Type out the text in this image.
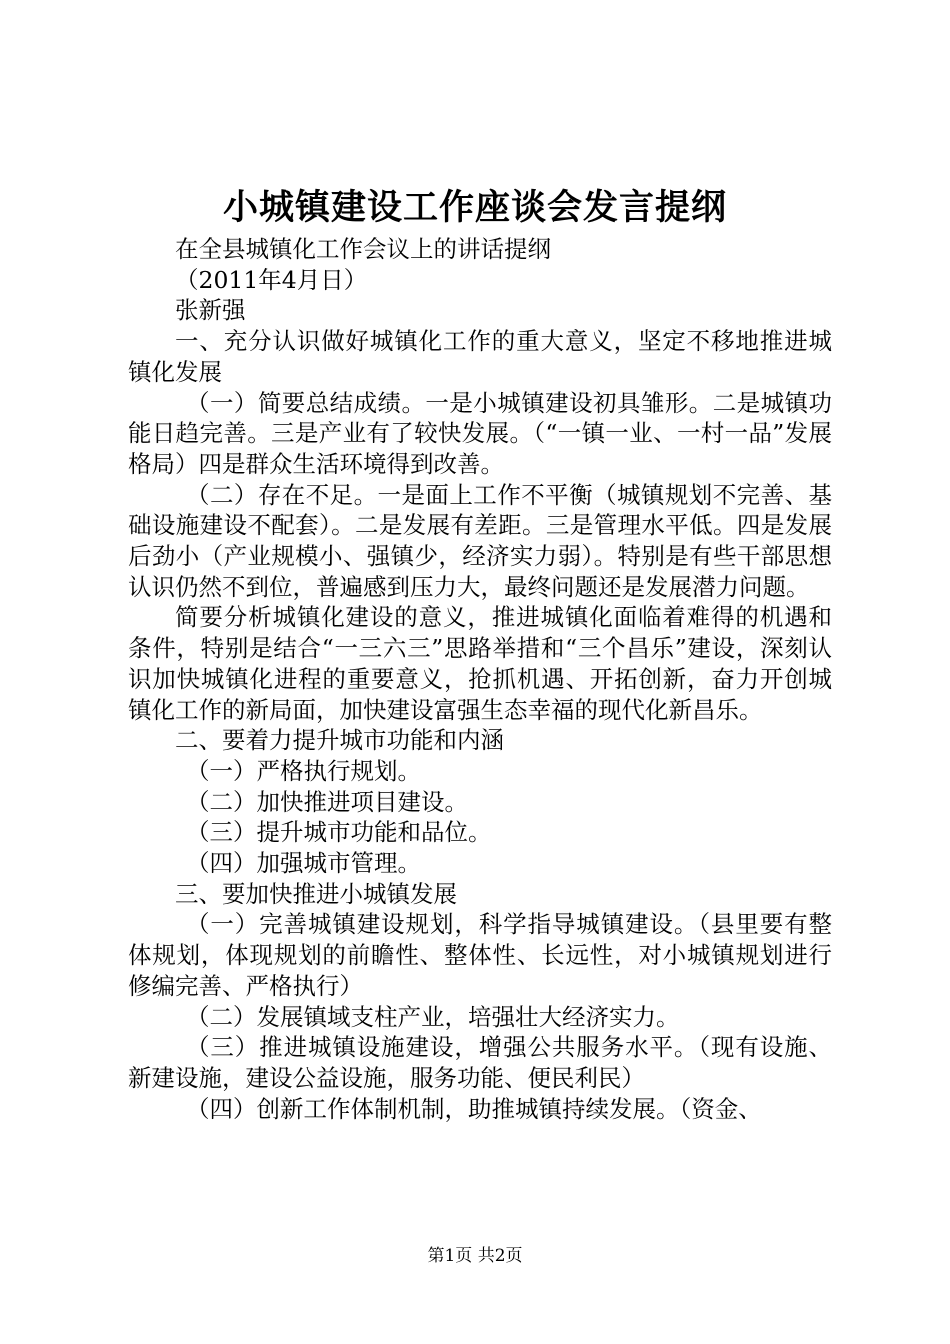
小城镇建设工作座谈会发言提纲

在全县城镇化工作会议上的讲话提纲

（2011年4月日）

张新强

一、充分认识做好城镇化工作的重大意义，坚定不移地推进城镇化发展

（一）简要总结成绩。一是小城镇建设初具雏形。二是城镇功能日趋完善。三是产业有了较快发展。（“一镇一业、一村一品”发展格局）四是群众生活环境得到改善。

（二）存在不足。一是面上工作不平衡（城镇规划不完善、基础设施建设不配套）。二是发展有差距。三是管理水平低。四是发展后劲小（产业规模小、强镇少，经济实力弱）。特别是有些干部思想认识仍然不到位，普遍感到压力大，最终问题还是发展潜力问题。

简要分析城镇化建设的意义，推进城镇化面临着难得的机遇和条件，特别是结合“一三六三”思路举措和“三个昌乐”建设，深刻认识加快城镇化进程的重要意义，抢抓机遇、开拓创新，奋力开创城镇化工作的新局面，加快建设富强生态幸福的现代化新昌乐。

二、要着力提升城市功能和内涵

（一）严格执行规划。

（二）加快推进项目建设。

（三）提升城市功能和品位。

（四）加强城市管理。

三、要加快推进小城镇发展

（一）完善城镇建设规划，科学指导城镇建设。（县里要有整体规划，体现规划的前瞻性、整体性、长远性，对小城镇规划进行修编完善、严格执行）

（二）发展镇域支柱产业，培强壮大经济实力。

（三）推进城镇设施建设，增强公共服务水平。（现有设施、新建设施，建设公益设施，服务功能、便民利民）

（四）创新工作体制机制，助推城镇持续发展。（资金、

第1页 共2页
